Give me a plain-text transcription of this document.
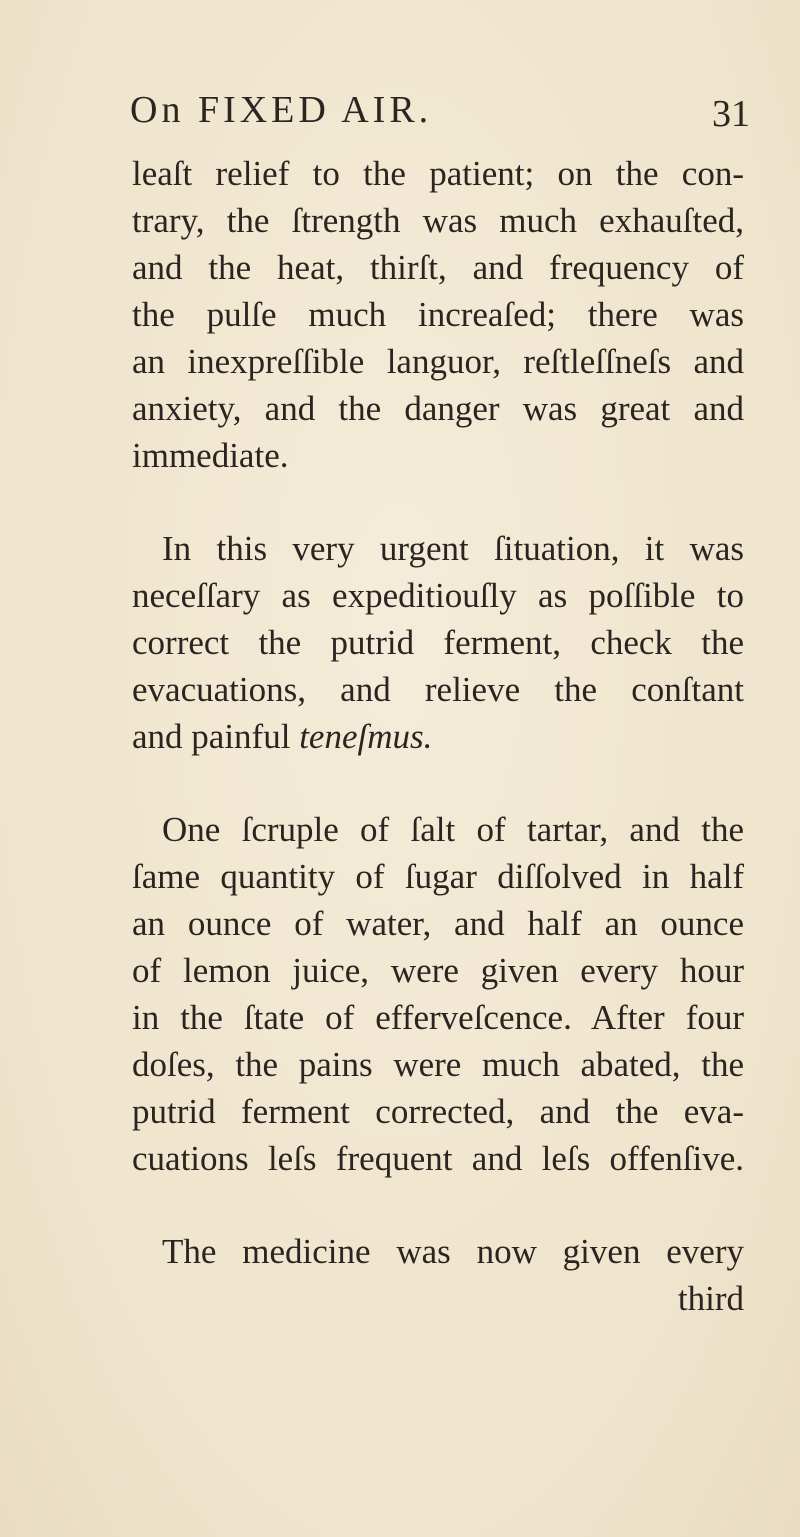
On FIXED AIR.	31
leaſt relief to the patient; on the con-
trary, the ſtrength was much exhauſted,
and the heat, thirſt, and frequency of
the pulſe much increaſed; there was
an inexpreſſible languor, reſtleſſneſs and
anxiety, and the danger was great and
immediate.
In this very urgent ſituation, it was
neceſſary as expeditiouſly as poſſible to
correct the putrid ferment, check the
evacuations, and relieve the conſtant
and painful teneſmus.
One ſcruple of ſalt of tartar, and the
ſame quantity of ſugar diſſolved in half
an ounce of water, and half an ounce
of lemon juice, were given every hour
in the ſtate of efferveſcence. After four
doſes, the pains were much abated, the
putrid ferment corrected, and the eva-
cuations leſs frequent and leſs offenſive.
The medicine was now given every
third
